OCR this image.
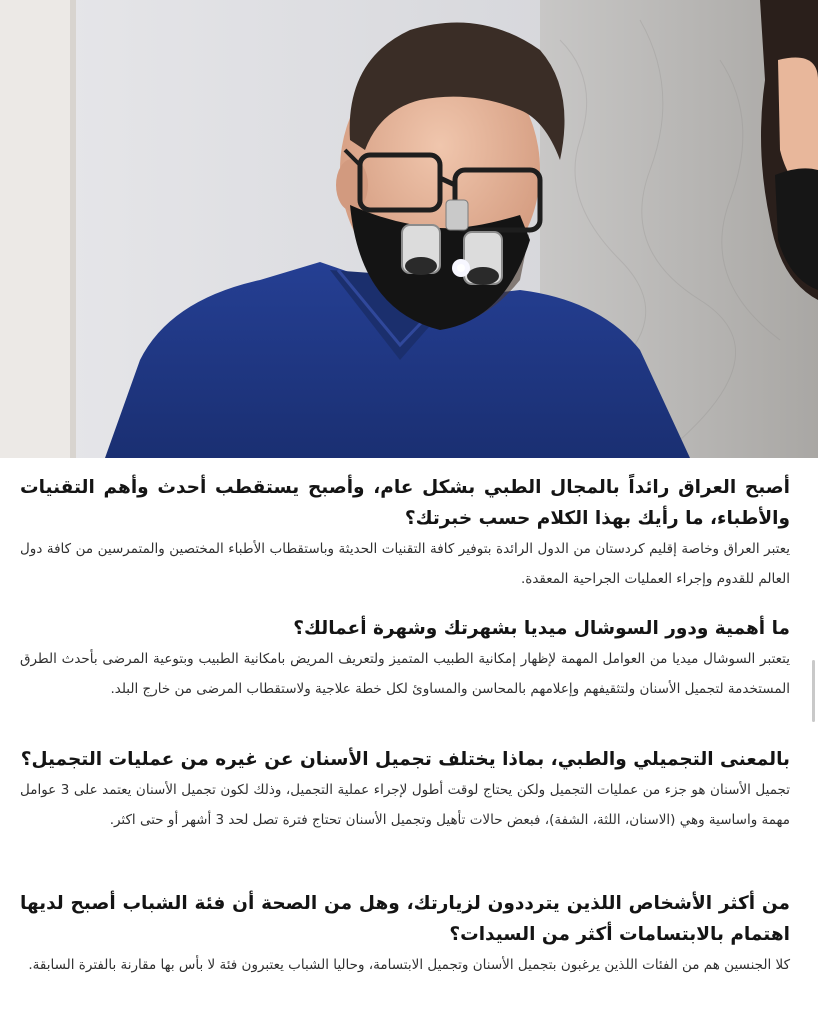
أصبح العراق رائداً بالمجال الطبي بشكل عام، وأصبح يستقطب أحدث وأهم التقنيات والأطباء، ما رأيك بهذا الكلام حسب خبرتك؟

يعتبر العراق وخاصة إقليم كردستان من الدول الرائدة بتوفير كافة التقنيات الحديثة وباستقطاب الأطباء المختصين والمتمرسين من كافة دول العالم للقدوم وإجراء العمليات الجراحية المعقدة.

ما أهمية ودور السوشال ميديا بشهرتك وشهرة أعمالك؟

يتعتبر السوشال ميديا من العوامل المهمة لإظهار إمكانية الطبيب المتميز ولتعريف المريض بامكانية الطبيب وبتوعية المرضى بأحدث الطرق المستخدمة لتجميل الأسنان ولتثقيفهم وإعلامهم بالمحاسن والمساوئ لكل خطة علاجية ولاستقطاب المرضى من خارج البلد.

بالمعنى التجميلي والطبي، بماذا يختلف تجميل الأسنان عن غيره من عمليات التجميل؟

تجميل الأسنان هو جزء من عمليات التجميل ولكن يحتاج لوقت أطول لإجراء عملية التجميل، وذلك لكون تجميل الأسنان يعتمد على 3 عوامل مهمة واساسية وهي (الاسنان، اللثة، الشفة)، فبعض حالات تأهيل وتجميل الأسنان تحتاج فترة تصل لحد 3 أشهر أو حتى اكثر.

من أكثر الأشخاص اللذين يترددون لزيارتك، وهل من الصحة أن فئة الشباب أصبح لديها اهتمام بالابتسامات أكثر من السيدات؟

كلا الجنسين هم من الفئات اللذين يرغبون بتجميل الأسنان وتجميل الابتسامة، وحاليا الشباب يعتبرون فئة لا بأس بها مقارنة بالفترة السابقة.
